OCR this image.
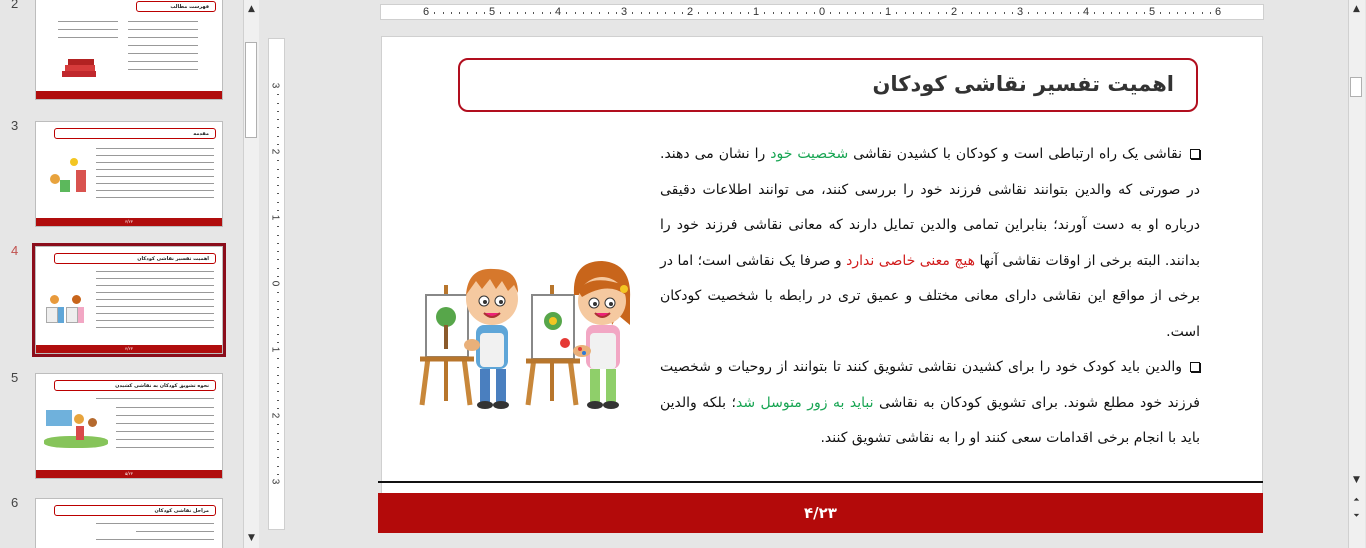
2	فهرست مطالب
3
مقدمه
۳/۲۳
4
اهمیت تفسیر نقاشی کودکان
۴/۲۳
5
نحوه تشویق کودکان به نقاشی کشیدن
۵/۲۳
6
مراحل نقاشی کودکان
▲
▼
6	5	4	3	2	1	0	1	2	3	4	5	6
3
2
1
0
1
2
3
اهمیت تفسیر نقاشی کودکان
نقاشی یک راه ارتباطی است و کودکان با کشیدن نقاشی شخصیت خود را نشان می دهند. در صورتی که والدین بتوانند نقاشی فرزند خود را بررسی کنند، می توانند اطلاعات دقیقی درباره او به دست آورند؛ بنابراین تمامی والدین تمایل دارند که معانی نقاشی فرزند خود را بدانند. البته برخی از اوقات نقاشی آنها هیچ معنی خاصی ندارد و صرفا یک نقاشی است؛ اما در برخی از مواقع این نقاشی دارای معانی مختلف و عمیق تری در رابطه با شخصیت کودکان است.
والدین باید کودک خود را برای کشیدن نقاشی تشویق کنند تا بتوانند از روحیات و شخصیت فرزند خود مطلع شوند. برای تشویق کودکان به نقاشی نباید به زور متوسل شد؛ بلکه والدین باید با انجام برخی اقدامات سعی کنند او را به نقاشی تشویق کنند.
۴/۲۳
▲
▼
⏶
⏷
